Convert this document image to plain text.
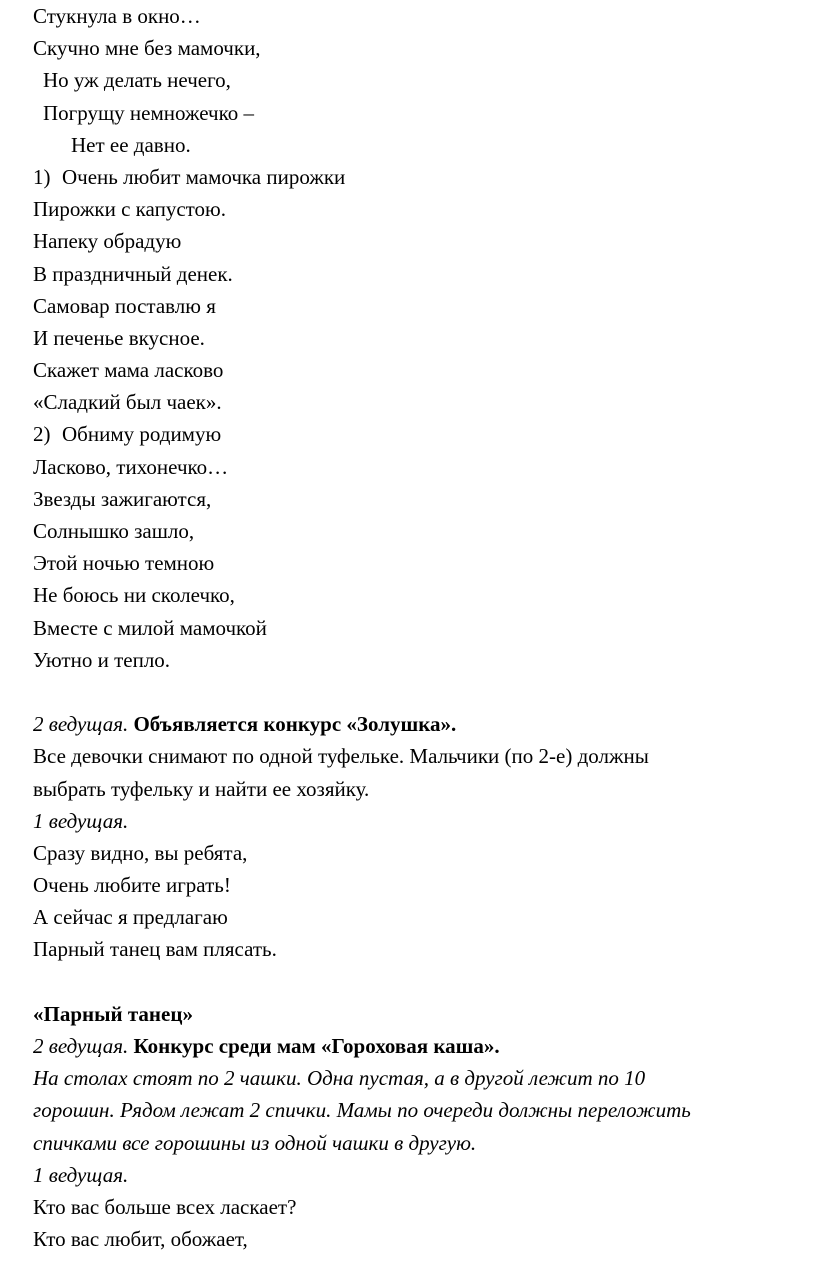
Стукнула в окно…
Скучно мне без мамочки,
Но уж делать нечего,
Погрущу немножечко –
Нет ее давно.
1) Очень любит мамочка пирожки
Пирожки с капустою.
Напеку обрадую
В праздничный денек.
Самовар поставлю я
И печенье вкусное.
Скажет мама ласково
«Сладкий был чаек».
2) Обниму родимую
Ласково, тихонечко…
Звезды зажигаются,
Солнышко зашло,
Этой ночью темною
Не боюсь ни сколечко,
Вместе с милой мамочкой
Уютно и тепло.
2 ведущая. Объявляется конкурс «Золушка».
Все девочки снимают по одной туфельке. Мальчики (по 2-е) должны
выбрать туфельку и найти ее хозяйку.
1 ведущая.
Сразу видно, вы ребята,
Очень любите играть!
А сейчас я предлагаю
Парный танец вам плясать.
«Парный танец»
2 ведущая. Конкурс среди мам «Гороховая каша».
На столах стоят по 2 чашки. Одна пустая, а в другой лежит по 10
горошин. Рядом лежат 2 спички. Мамы по очереди должны переложить
спичками все горошины из одной чашки в другую.
1 ведущая.
Кто вас больше всех ласкает?
Кто вас любит, обожает,
